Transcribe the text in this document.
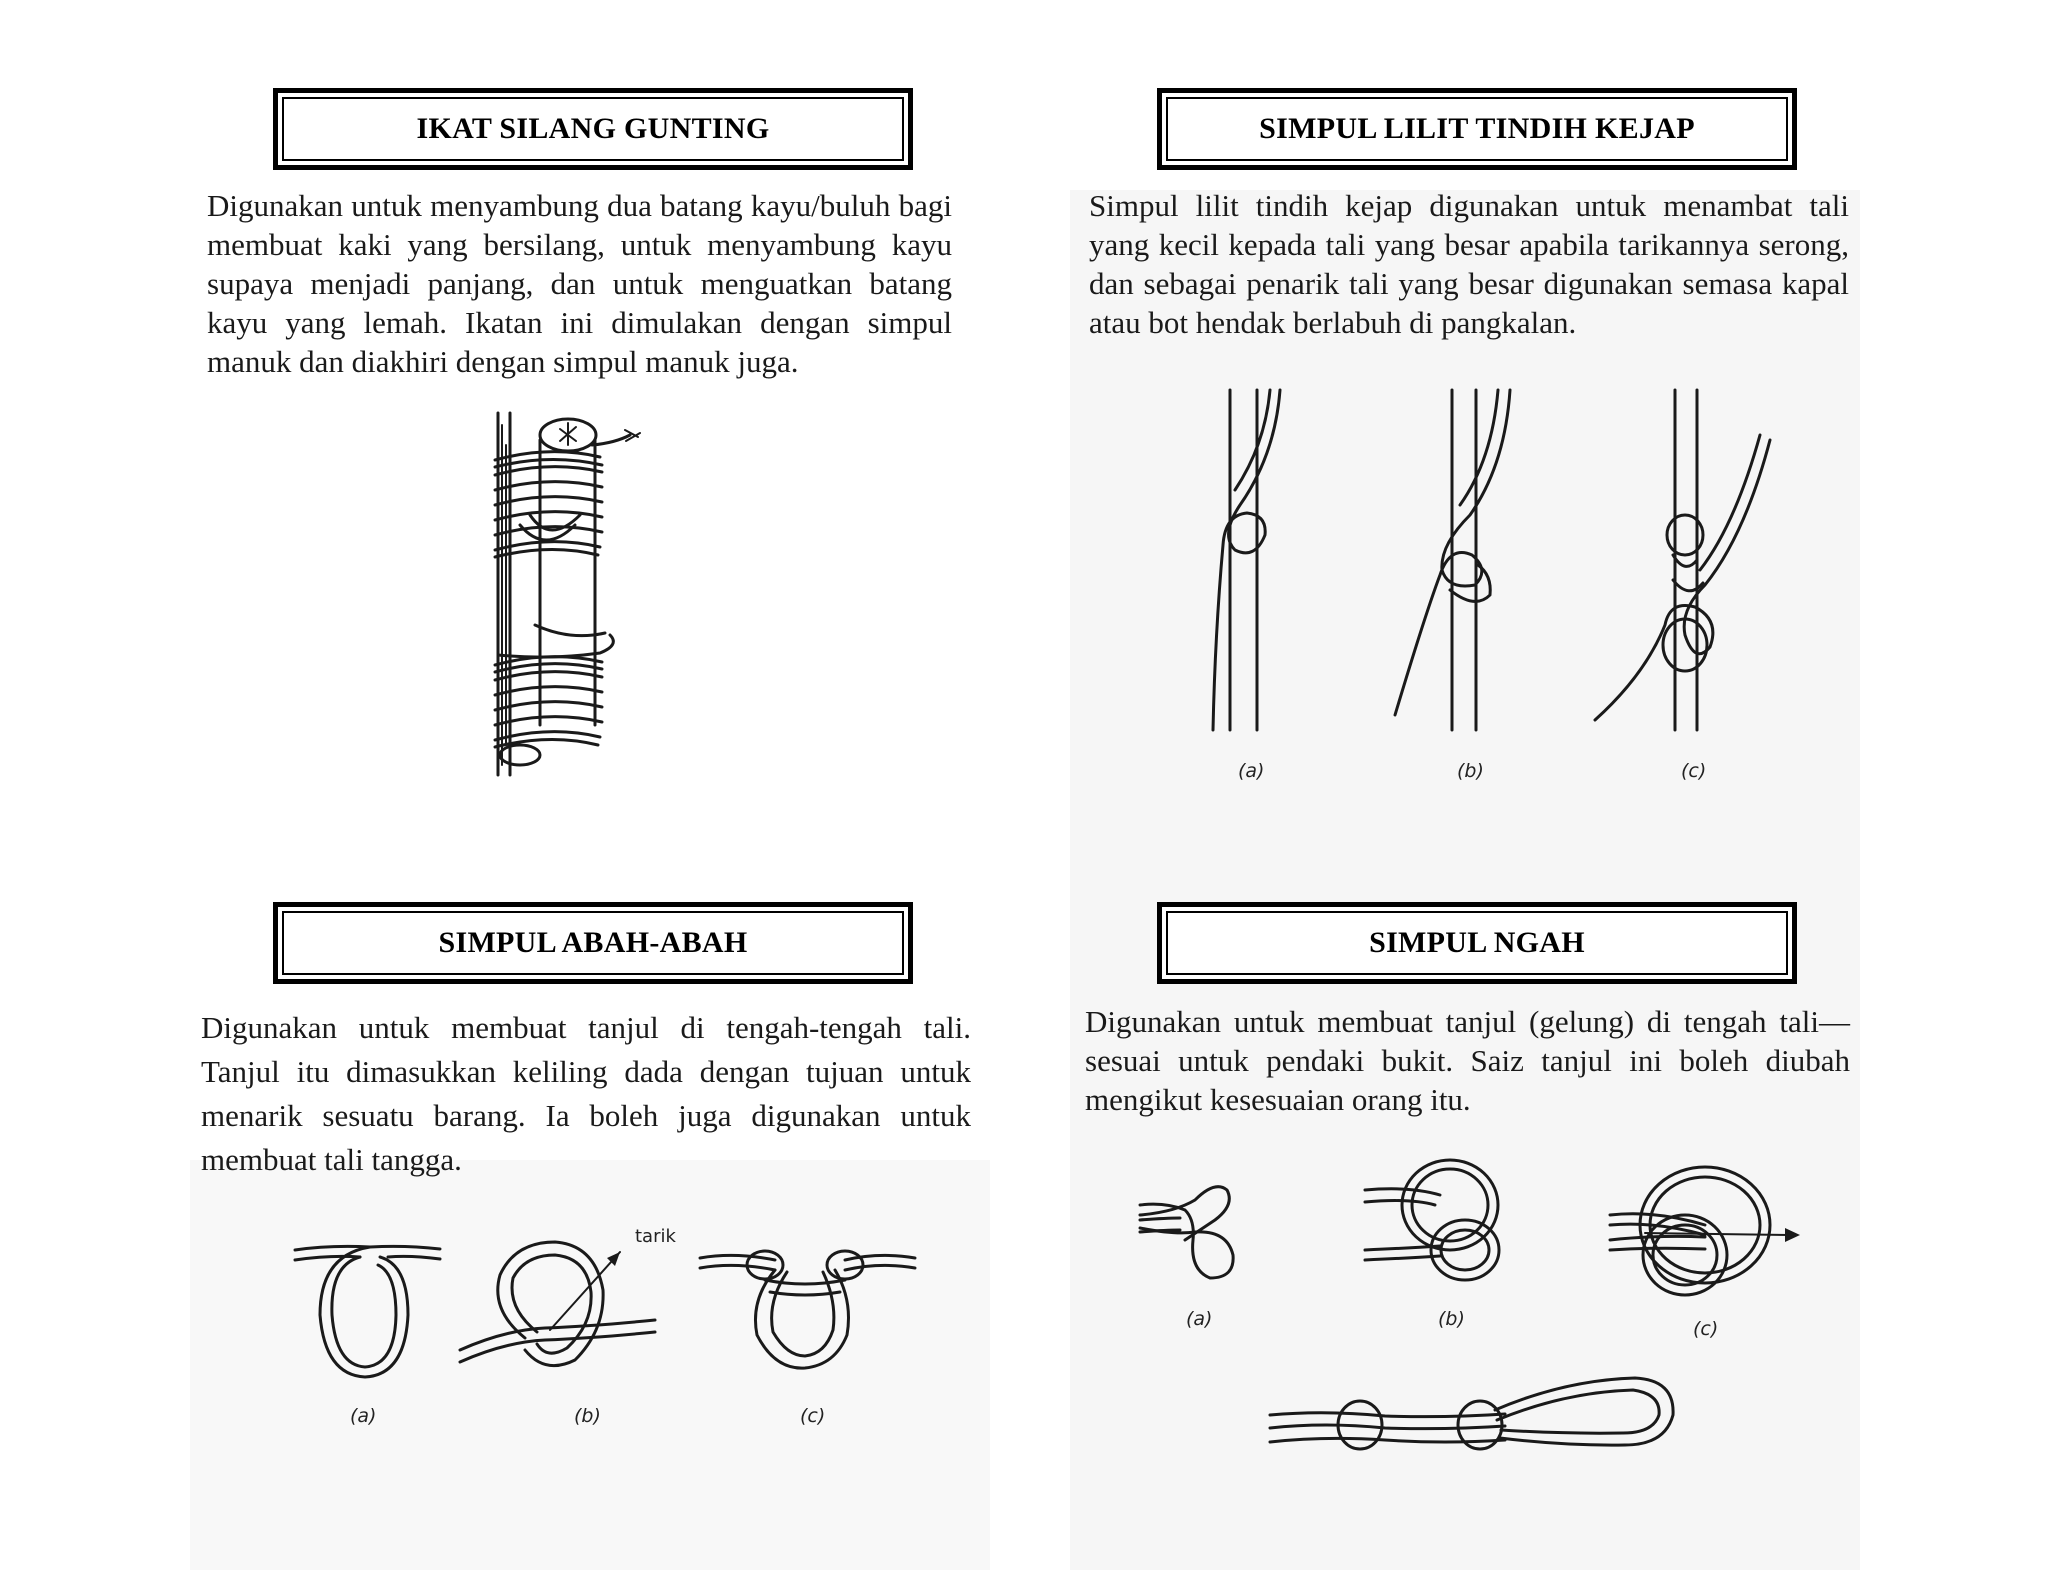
IKAT SILANG GUNTING

Digunakan untuk menyambung dua batang kayu/buluh bagi membuat kaki yang bersilang, untuk menyambung kayu supaya menjadi panjang, dan untuk menguatkan batang kayu yang lemah. Ikatan ini dimulakan dengan simpul manuk dan diakhiri dengan simpul manuk juga.

SIMPUL LILIT TINDIH KEJAP

Simpul lilit tindih kejap digunakan untuk menambat tali yang kecil kepada tali yang besar apabila tarikannya serong, dan sebagai penarik tali yang besar digunakan semasa kapal atau bot hendak berlabuh di pangkalan.

(a)	(b)	(c)
SIMPUL ABAH-ABAH

Digunakan untuk membuat tanjul di tengah-tengah tali. Tanjul itu dimasukkan keliling dada dengan tujuan untuk menarik sesuatu barang. Ia boleh juga digunakan untuk membuat tali tangga.

(a)
tarik
(b)	(c)
SIMPUL NGAH

Digunakan untuk membuat tanjul (gelung) di tengah tali— sesuai untuk pendaki bukit. Saiz tanjul ini boleh diubah mengikut kesesuaian orang itu.

(a)	(b)	(c)
